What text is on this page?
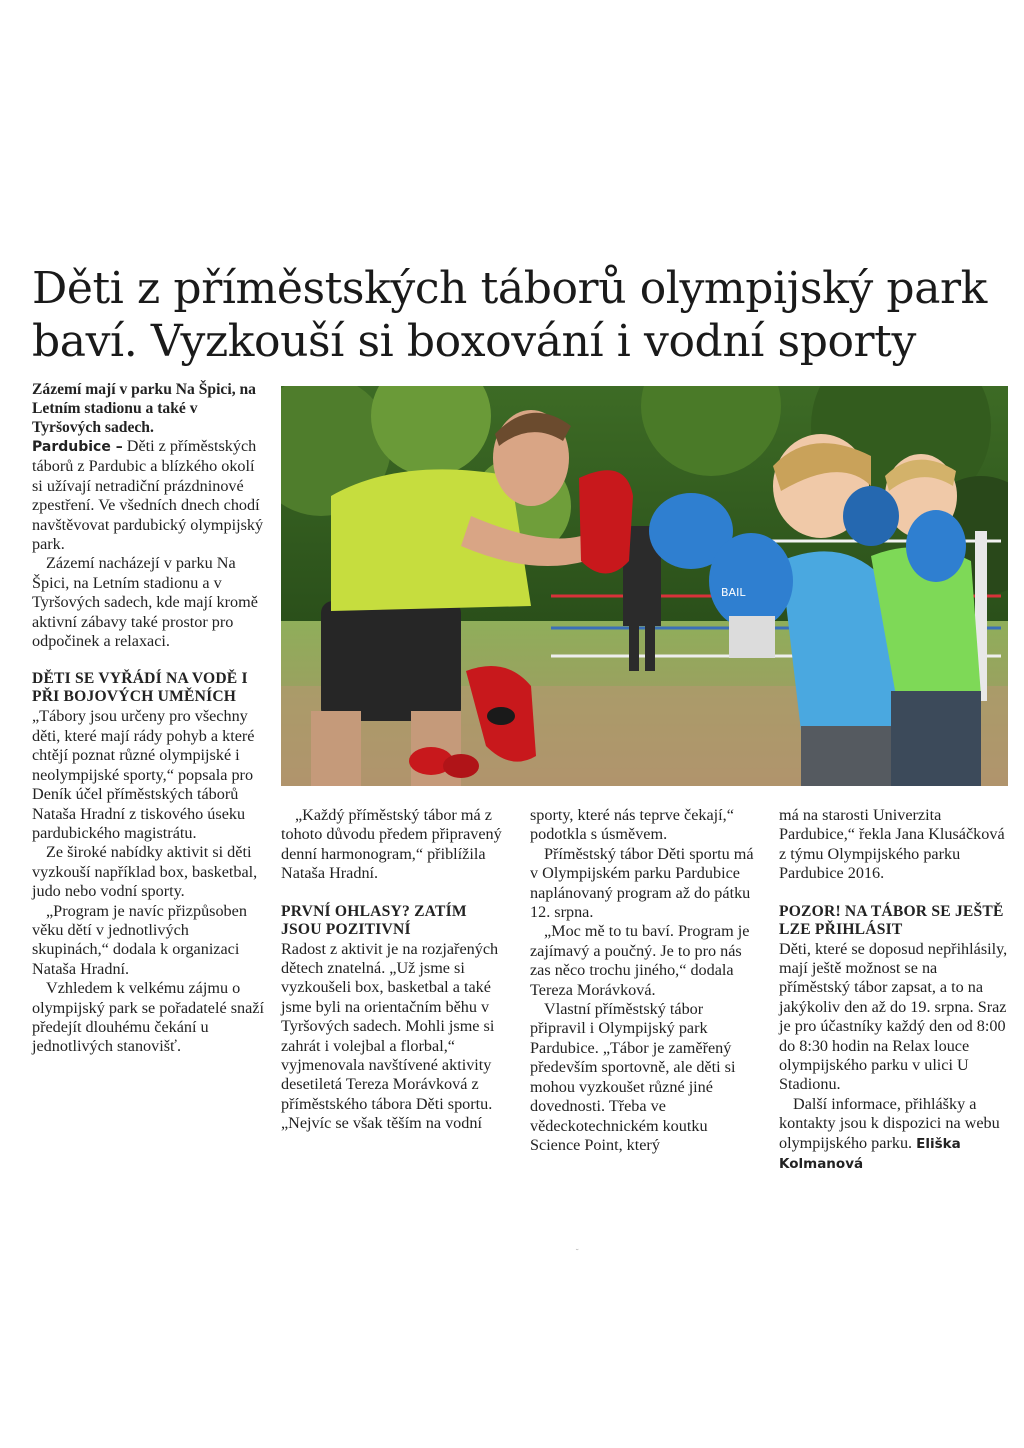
Děti z příměstských táborů olympijský park
baví. Vyzkouší si boxování i vodní sporty

Zázemí mají v parku Na Špici, na Letním stadionu a také v Tyršových sadech.

Pardubice – Děti z příměstských táborů z Pardubic a blízkého okolí si užívají netradiční prázdninové zpestření. Ve všedních dnech chodí navštěvovat pardubický olympijský park.

Zázemí nacházejí v parku Na Špici, na Letním stadionu a v Tyršových sadech, kde mají kromě aktivní zábavy také prostor pro odpočinek a relaxaci.

DĚTI SE VYŘÁDÍ NA VODĚ I PŘI BOJOVÝCH UMĚNÍCH

„Tábory jsou určeny pro všechny děti, které mají rády pohyb a které chtějí poznat různé olympijské i neolympijské sporty,“ popsala pro Deník účel příměstských táborů Nataša Hradní z tiskového úseku pardubického magistrátu.

Ze široké nabídky aktivit si děti vyzkouší například box, basketbal, judo nebo vodní sporty.

„Program je navíc přizpůsoben věku dětí v jednotlivých skupinách,“ dodala k organizaci Nataša Hradní.

Vzhledem k velkému zájmu o olympijský park se pořadatelé snaží předejít dlouhému čekání u jednotlivých stanovišť.

BAIL

„Každý příměstský tábor má z tohoto důvodu předem připravený denní harmonogram,“ přiblížila Nataša Hradní.

PRVNÍ OHLASY? ZATÍM JSOU POZITIVNÍ

Radost z aktivit je na rozjařených dětech znatelná. „Už jsme si vyzkoušeli box, basketbal a také jsme byli na orientačním běhu v Tyršových sadech. Mohli jsme si zahrát i volejbal a florbal,“ vyjmenovala navštívené aktivity desetiletá Tereza Morávková z příměstského tábora Děti sportu. „Nejvíc se však těším na vodní

sporty, které nás teprve čekají,“ podotkla s úsměvem.

Příměstský tábor Děti sportu má v Olympijském parku Pardubice naplánovaný program až do pátku 12. srpna.

„Moc mě to tu baví. Program je zajímavý a poučný. Je to pro nás zas něco trochu jiného,“ dodala Tereza Morávková.

Vlastní příměstský tábor připravil i Olympijský park Pardubice. „Tábor je zaměřený především sportovně, ale děti si mohou vyzkoušet různé jiné dovednosti. Třeba ve vědeckotechnickém koutku Science Point, který

má na starosti Univerzita Pardubice,“ řekla Jana Klusáčková z týmu Olympijského parku Pardubice 2016.

POZOR! NA TÁBOR SE JEŠTĚ LZE PŘIHLÁSIT

Děti, které se doposud nepřihlásily, mají ještě možnost se na příměstský tábor zapsat, a to na jakýkoliv den až do 19. srpna. Sraz je pro účastníky každý den od 8:00 do 8:30 hodin na Relax louce olympijského parku v ulici U Stadionu.

Další informace, přihlášky a kontakty jsou k dispozici na webu olympijského parku. Eliška Kolmanová

˘
